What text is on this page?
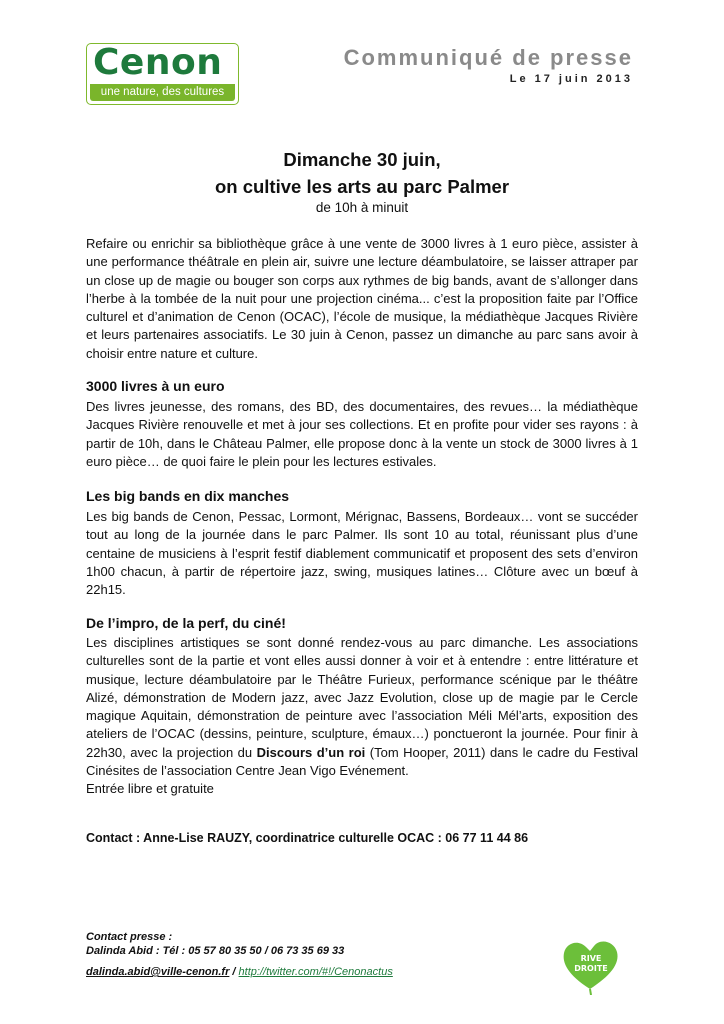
Cenon
une nature, des cultures
Communiqué de presse
Le 17 juin 2013
Dimanche 30 juin,
on cultive les arts au parc Palmer
de 10h à minuit

Refaire ou enrichir sa bibliothèque grâce à une vente de 3000 livres à 1 euro pièce, assister à une performance théâtrale en plein air, suivre une lecture déambulatoire, se laisser attraper par un close up de magie ou bouger son corps aux rythmes de big bands, avant de s’allonger dans l’herbe à la tombée de la nuit pour une projection cinéma... c’est la proposition faite par l’Office culturel et d’animation de Cenon (OCAC), l’école de musique, la médiathèque Jacques Rivière et leurs partenaires associatifs. Le 30 juin à Cenon, passez un dimanche au parc sans avoir à choisir entre nature et culture.

3000 livres à un euro

Des livres jeunesse, des romans, des BD, des documentaires, des revues… la médiathèque Jacques Rivière renouvelle et met à jour ses collections. Et en profite pour vider ses rayons : à partir de 10h, dans le Château Palmer, elle propose donc à la vente un stock de 3000 livres à 1 euro pièce… de quoi faire le plein pour les lectures estivales.

Les big bands en dix manches

Les big bands de Cenon, Pessac, Lormont, Mérignac, Bassens, Bordeaux… vont se succéder tout au long de la journée dans le parc Palmer. Ils sont 10 au total, réunissant plus d’une centaine de musiciens à l’esprit festif diablement communicatif et proposent des sets d’environ 1h00 chacun, à partir de répertoire jazz, swing, musiques latines… Clôture avec un bœuf à 22h15.

De l’impro, de la perf, du ciné!

Les disciplines artistiques se sont donné rendez-vous au parc dimanche. Les associations culturelles sont de la partie et vont elles aussi donner à voir et à entendre : entre littérature et musique, lecture déambulatoire par le Théâtre Furieux, performance scénique par le théâtre Alizé, démonstration de Modern jazz, avec Jazz Evolution, close up de magie par le Cercle magique Aquitain, démonstration de peinture avec l’association Méli Mél’arts, exposition des ateliers de l’OCAC (dessins, peinture, sculpture, émaux…) ponctueront la journée. Pour finir à 22h30, avec la projection du Discours d’un roi (Tom Hooper, 2011) dans le cadre du Festival Cinésites de l’association Centre Jean Vigo Evénement.

Entrée libre et gratuite

Contact : Anne-Lise RAUZY, coordinatrice culturelle OCAC : 06 77 11 44 86
Contact presse :
Dalinda Abid : Tél : 05 57 80 35 50 / 06 73 35 69 33
dalinda.abid@ville-cenon.fr / http://twitter.com/#!/Cenonactus
RIVE
DROITE
